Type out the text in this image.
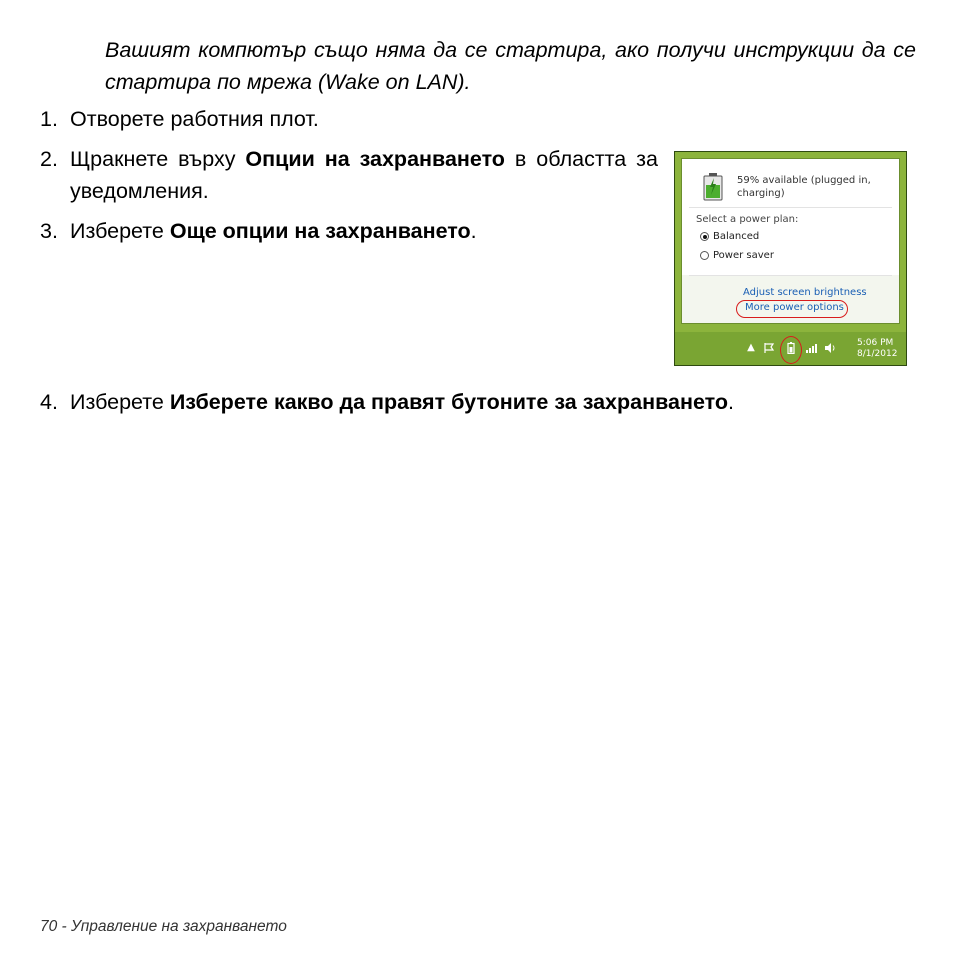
Вашият компютър също няма да се стартира, ако получи инструкции да се стартира по мрежа (Wake on LAN).

1. Отворете работния плот.
2. Щракнете върху Опции на захранването в областта за уведомления.
3. Изберете Още опции на захранването.
59% available (plugged in,
charging)
Select a power plan:
Balanced
Power saver
Adjust screen brightness
More power options
▲	5:06 PM
8/1/2012
4. Изберете Изберете какво да правят бутоните за захранването.
70 - Управление на захранването
